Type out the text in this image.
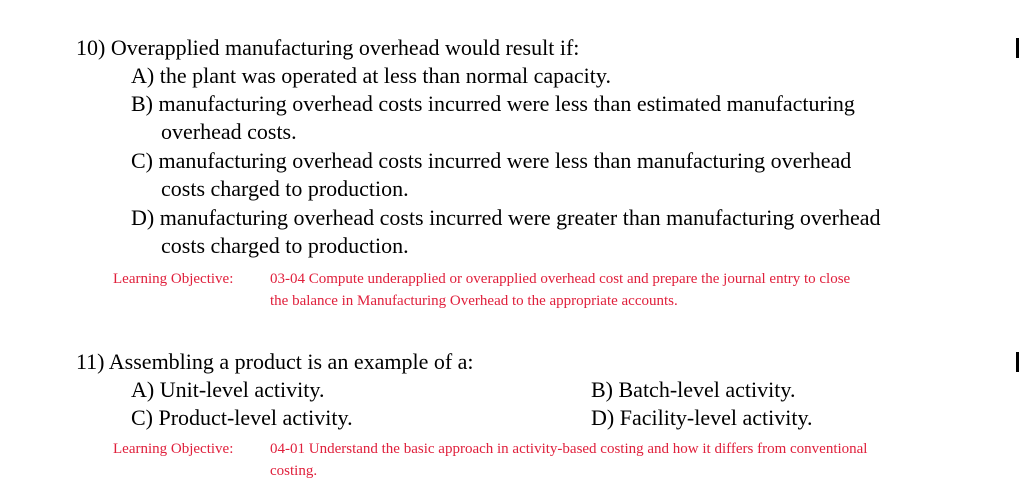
10) Overapplied manufacturing overhead would result if:
A) the plant was operated at less than normal capacity.
B) manufacturing overhead costs incurred were less than estimated manufacturing
overhead costs.
C) manufacturing overhead costs incurred were less than manufacturing overhead
costs charged to production.
D) manufacturing overhead costs incurred were greater than manufacturing overhead
costs charged to production.
Learning Objective: 03-04 Compute underapplied or overapplied overhead cost and prepare the journal entry to close
the balance in Manufacturing Overhead to the appropriate accounts.
11) Assembling a product is an example of a:
A) Unit-level activity.	B) Batch-level activity.
C) Product-level activity.	D) Facility-level activity.
Learning Objective: 04-01 Understand the basic approach in activity-based costing and how it differs from conventional
costing.
